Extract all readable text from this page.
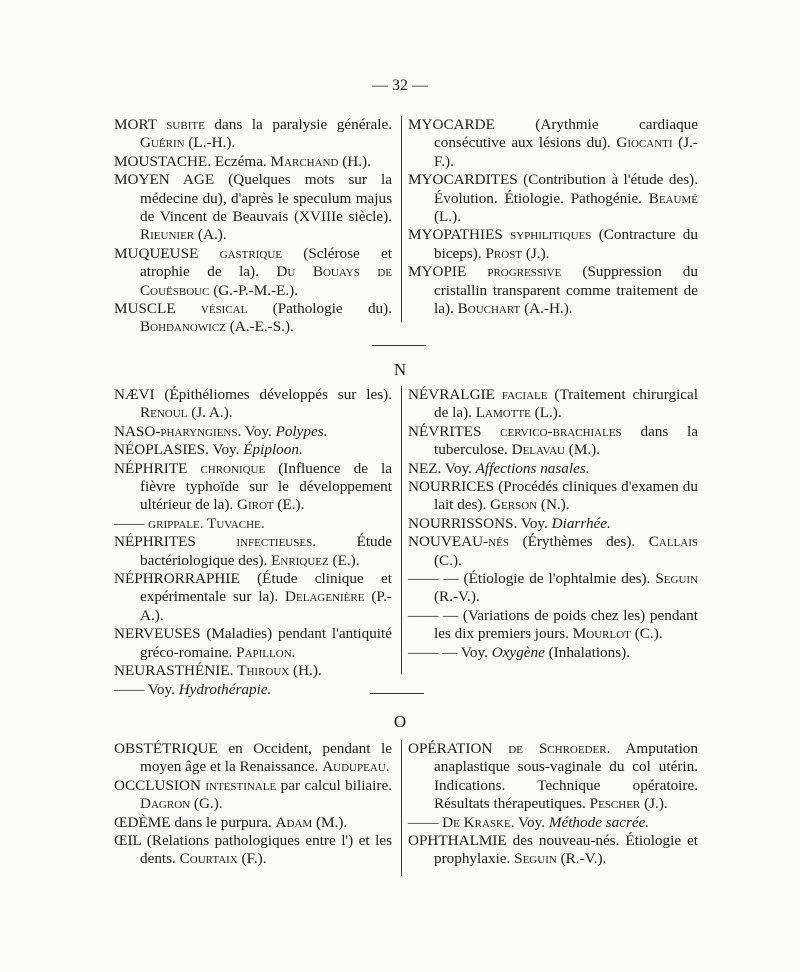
— 32 —
MORT subite dans la paralysie générale. Guérin (L.-H.).
MOUSTACHE. Eczéma. Marchand (H.).
MOYEN AGE (Quelques mots sur la médecine du), d'après le speculum majus de Vincent de Beauvais (XVIIIe siècle). Rieunier (A.).
MUQUEUSE gastrique (Sclérose et atrophie de la). Du Bouays de Couësbouc (G.-P.-M.-E.).
MUSCLE vésical (Pathologie du). Bohdanowicz (A.-E.-S.).
MYOCARDE (Arythmie cardiaque consécutive aux lésions du). Giocanti (J.-F.).
MYOCARDITES (Contribution à l'étude des). Évolution. Étiologie. Pathogénie. Beaumé (L.).
MYOPATHIES syphilitiques (Contracture du biceps). Prost (J.).
MYOPIE progressive (Suppression du cristallin transparent comme traitement de la). Bouchart (A.-H.).
N
NÆVI (Épithéliomes développés sur les). Renoul (J. A.).
NASO-pharyngiens. Voy. Polypes.
NÉOPLASIES. Voy. Épiploon.
NÉPHRITE chronique (Influence de la fièvre typhoïde sur le développement ultérieur de la). Girot (E.).
—— grippale. Tuvache.
NÉPHRITES infectieuses. Étude bactériologique des). Enriquez (E.).
NÉPHRORRAPHIE (Étude clinique et expérimentale sur la). Delagenière (P.-A.).
NERVEUSES (Maladies) pendant l'antiquité gréco-romaine. Papillon.
NEURASTHÉNIE. Thiroux (H.).
—— Voy. Hydrothérapie.
NÉVRALGIE faciale (Traitement chirurgical de la). Lamotte (L.).
NÉVRITES cervico-brachiales dans la tuberculose. Delavau (M.).
NEZ. Voy. Affections nasales.
NOURRICES (Procédés cliniques d'examen du lait des). Gerson (N.).
NOURRISSONS. Voy. Diarrhée.
NOUVEAU-nés (Érythèmes des). Callais (C.).
—— — (Étiologie de l'ophtalmie des). Seguin (R.-V.).
—— — (Variations de poids chez les) pendant les dix premiers jours. Mourlot (C.).
—— — Voy. Oxygène (Inhalations).
O
OBSTÉTRIQUE en Occident, pendant le moyen âge et la Renaissance. Auduреau.
OCCLUSION intestinale par calcul biliaire. Dagron (G.).
ŒDÈME dans le purpura. Adam (M.).
ŒIL (Relations pathologiques entre l') et les dents. Courtaix (F.).
OPÉRATION de Schroeder. Amputation anaplastique sous-vaginale du col utérin. Indications. Technique opératoire. Résultats thérapeutiques. Pescher (J.).
—— De Kraske. Voy. Méthode sacrée.
OPHTHALMIE des nouveau-nés. Étiologie et prophylaxie. Seguin (R.-V.).
